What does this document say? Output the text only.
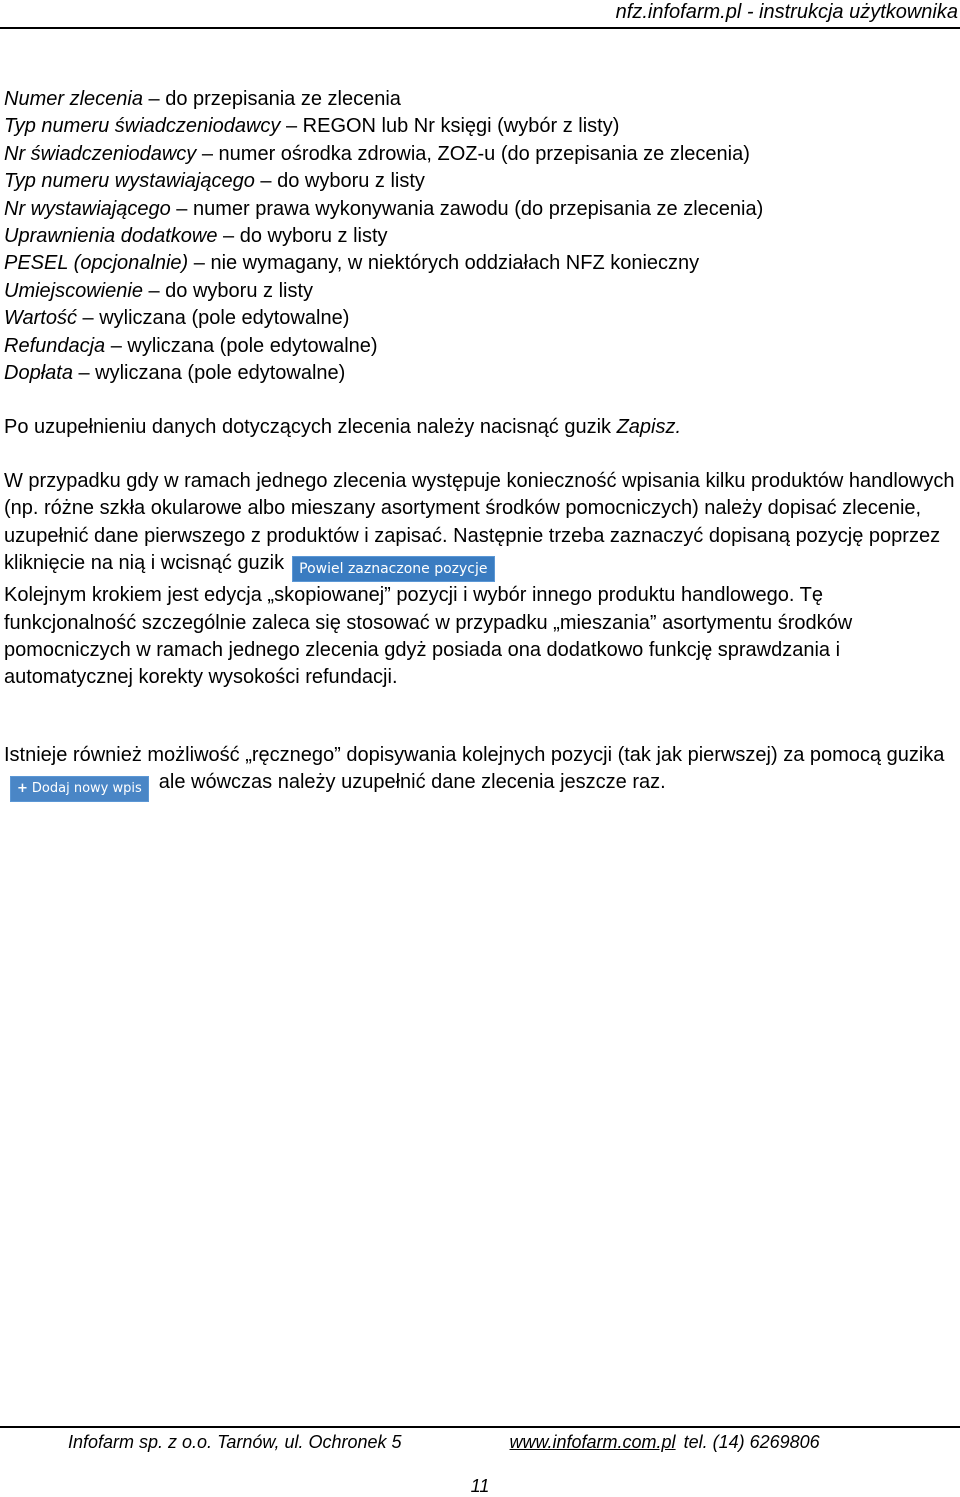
nfz.infofarm.pl - instrukcja użytkownika
Numer zlecenia – do przepisania ze zlecenia
Typ numeru świadczeniodawcy – REGON lub Nr księgi (wybór z listy)
Nr świadczeniodawcy – numer ośrodka zdrowia, ZOZ-u (do przepisania ze zlecenia)
Typ numeru wystawiającego – do wyboru z listy
Nr wystawiającego – numer prawa wykonywania zawodu (do przepisania ze zlecenia)
Uprawnienia dodatkowe – do wyboru z listy
PESEL (opcjonalnie) – nie wymagany, w niektórych oddziałach NFZ konieczny
Umiejscowienie – do wyboru z listy
Wartość – wyliczana (pole edytowalne)
Refundacja – wyliczana (pole edytowalne)
Dopłata – wyliczana (pole edytowalne)
Po uzupełnieniu danych dotyczących zlecenia należy nacisnąć guzik Zapisz.
W przypadku gdy w ramach jednego zlecenia występuje konieczność wpisania kilku produktów handlowych (np. różne szkła okularowe albo mieszany asortyment środków pomocniczych) należy dopisać zlecenie, uzupełnić dane pierwszego z produktów i zapisać. Następnie trzeba zaznaczyć dopisaną pozycję poprzez kliknięcie na nią i wcisnąć guzik Powiel zaznaczone pozycje
Kolejnym krokiem jest edycja „skopiowanej” pozycji i wybór innego produktu handlowego. Tę funkcjonalność szczególnie zaleca się stosować w przypadku „mieszania” asortymentu środków pomocniczych w ramach jednego zlecenia gdyż posiada ona dodatkowo funkcję sprawdzania i automatycznej korekty wysokości refundacji.
Istnieje również możliwość „ręcznego” dopisywania kolejnych pozycji (tak jak pierwszej) za pomocą guzika+ Dodaj nowy wpis ale wówczas należy uzupełnić dane zlecenia jeszcze raz.
Infofarm sp. z o.o. Tarnów, ul. Ochronek 5	www.infofarm.com.pl tel. (14) 6269806
11
